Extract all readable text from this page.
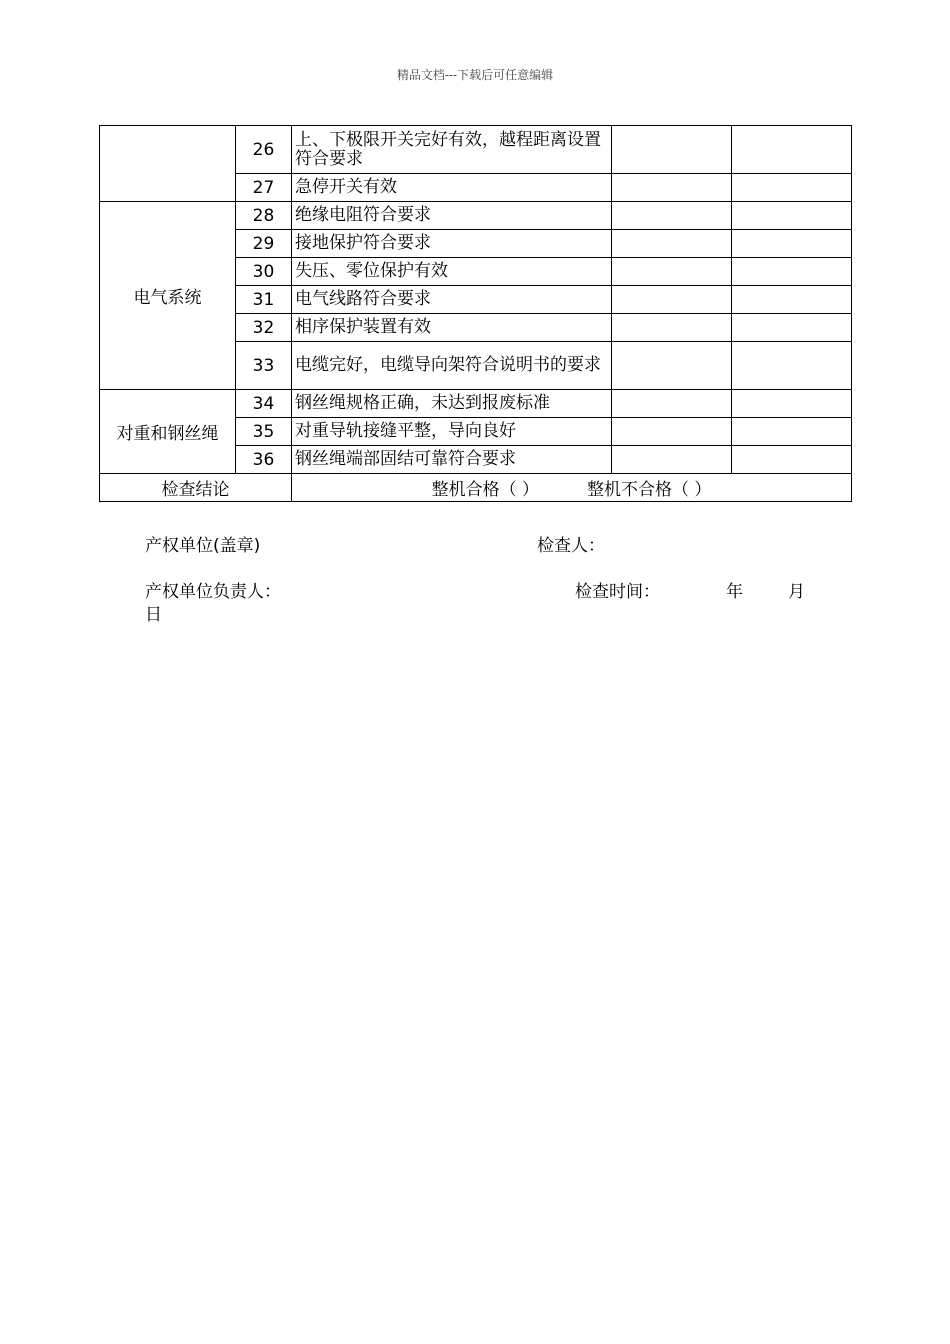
精品文档---下载后可任意编辑
	26	上、下极限开关完好有效，越程距离设置符合要求		
	27	急停开关有效		
电气系统	28	绝缘电阻符合要求		
	29	接地保护符合要求		
	30	失压、零位保护有效		
	31	电气线路符合要求		
	32	相序保护装置有效		
	33	电缆完好，电缆导向架符合说明书的要求		
对重和钢丝绳	34	钢丝绳规格正确，未达到报废标准		
	35	对重导轨接缝平整，导向良好		
	36	钢丝绳端部固结可靠符合要求		
检查结论		整机合格（ ） 整机不合格（ ）		
产权单位(盖章)	检查人：
产权单位负责人：	检查时间：	年	月
日
